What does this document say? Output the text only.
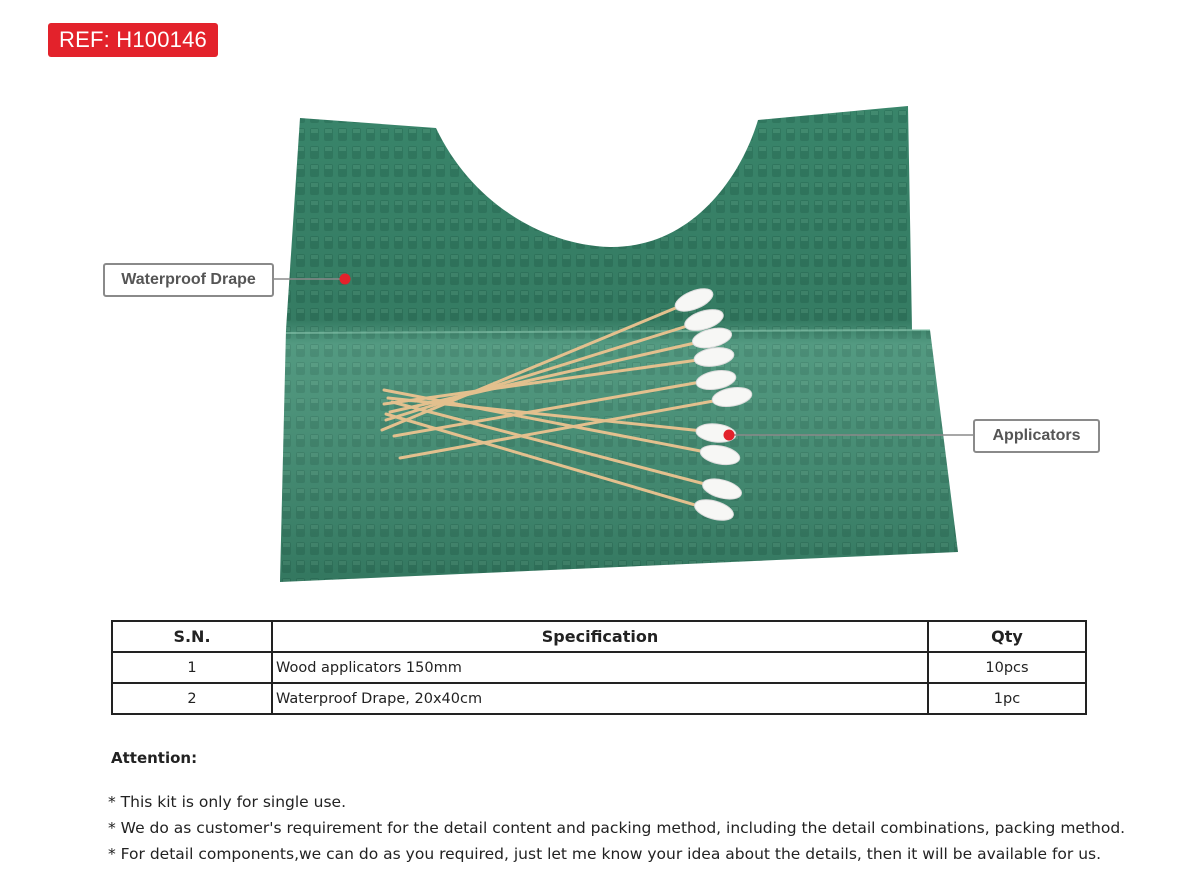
REF: H100146
Waterproof Drape
Applicators
S.N.	Specification	Qty
1	Wood applicators 150mm	10pcs
2	Waterproof Drape, 20x40cm	1pc
Attention:
* This kit is only for single use.
* We do as customer's requirement for the detail content and packing method, including the detail combinations, packing method.
* For detail components,we can do as you required, just let me know your idea about the details, then it will be available for us.
